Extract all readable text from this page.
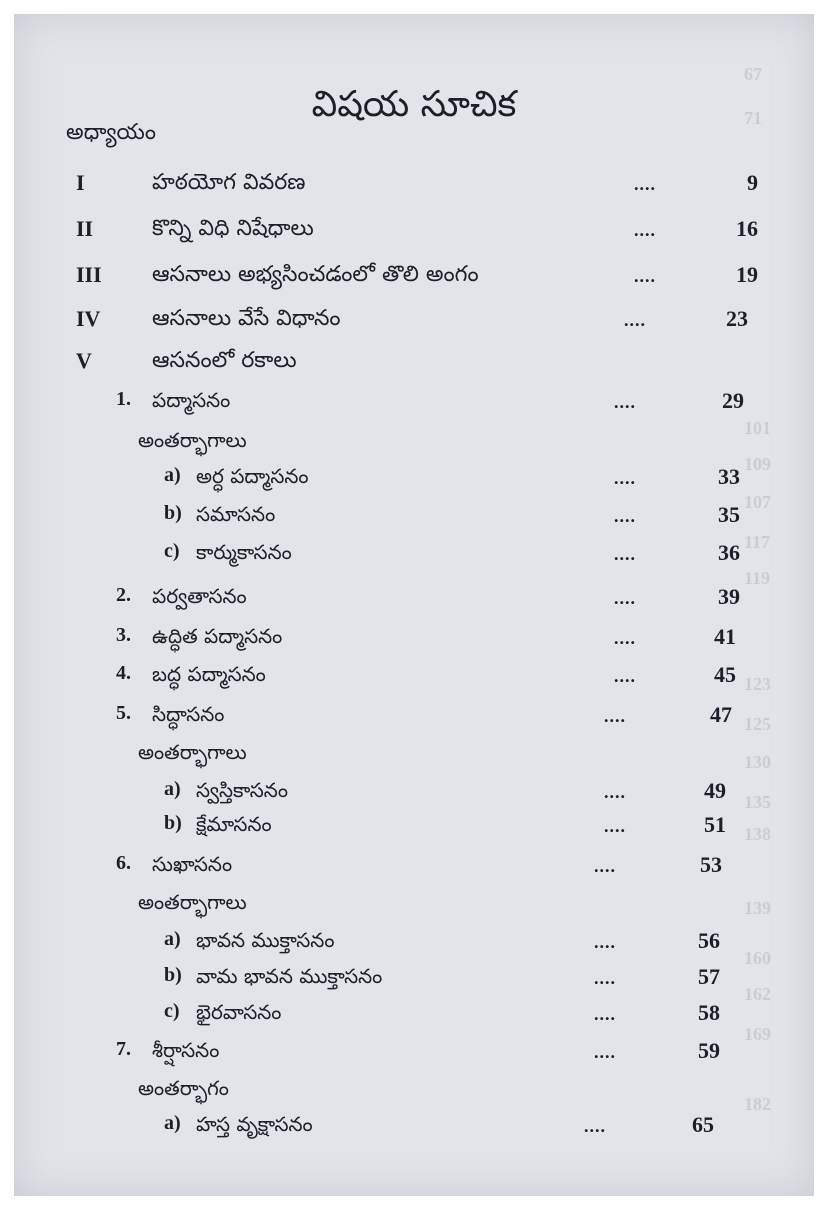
విషయ సూచిక
అధ్యాయం
I	హఠయోగ వివరణ	....	9
II	కొన్ని విధి నిషేధాలు	....	16
III ఆసనాలు అభ్యసించడంలో తొలి అంగం	....	19
IV ఆసనాలు వేసే విధానం	....	23
V	ఆసనంలో రకాలు
1. పద్మాసనం	....	29
అంతర్భాగాలు
a) అర్ధ పద్మాసనం	....	33
b) సమాసనం	....	35
c) కార్ముకాసనం	....	36
2. పర్వతాసనం	....	39
3. ఉద్ధిత పద్మాసనం	....	41
4. బద్ధ పద్మాసనం	....	45
5. సిద్ధాసనం	....	47
అంతర్భాగాలు
a) స్వస్తికాసనం	....	49
b) క్షేమాసనం	....	51
6. సుఖాసనం	....	53
అంతర్భాగాలు
a) భావన ముక్తాసనం	....	56
b) వామ భావన ముక్తాసనం	....	57
c) భైరవాసనం	....	58
7. శీర్షాసనం	....	59
అంతర్భాగం
a) హస్త వృక్షాసనం	....	65
67
71
101
109
107
117
119
123
125
130
135
138
139
160
162
169
182
